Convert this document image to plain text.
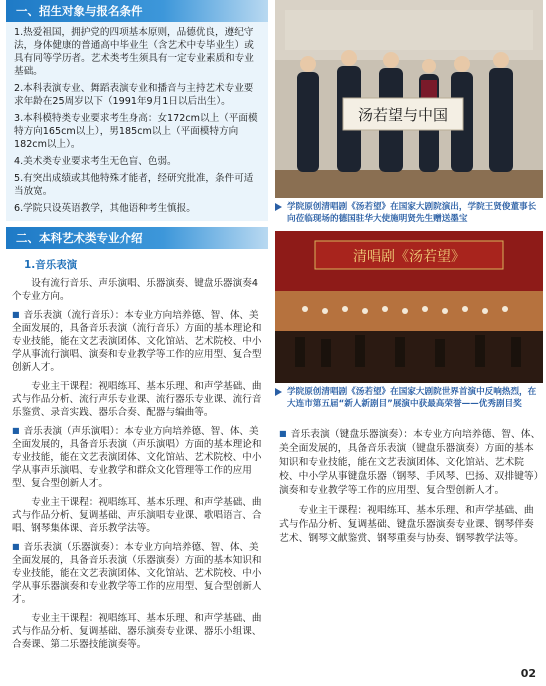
一、招生对象与报名条件

1.热爱祖国，拥护党的四项基本原则，品德优良，遵纪守法，身体健康的普通高中毕业生（含艺术中专毕业生）或具有同等学历者。艺术类考生须具有一定专业素质和专业基础。

2.本科表演专业、舞蹈表演专业和播音与主持艺术专业要求年龄在25周岁以下（1991年9月1日以后出生）。

3.本科模特类专业要求考生身高：女172cm以上（平面模特方向165cm以上），男185cm以上（平面模特方向182cm以上）。

4.美术类专业要求考生无色盲、色弱。

5.有突出成绩或其他特殊才能者，经研究批准，条件可适当放宽。

6.学院只设英语教学，其他语种考生慎报。

二、本科艺术类专业介绍
1.音乐表演

设有流行音乐、声乐演唱、乐器演奏、键盘乐器演奏4个专业方向。

■ 音乐表演（流行音乐）：本专业方向培养德、智、体、美全面发展的，具备音乐表演（流行音乐）方面的基本理论和专业技能，能在文艺表演团体、文化馆站、艺术院校、中小学从事流行演唱、演奏和专业教学等工作的应用型、复合型创新人才。

专业主干课程：视唱练耳、基本乐理、和声学基础、曲式与作品分析、流行声乐专业课、流行器乐专业课、流行音乐鉴赏、录音实践、器乐合奏、配器与编曲等。

■ 音乐表演（声乐演唱）：本专业方向培养德、智、体、美全面发展的，具备音乐表演（声乐演唱）方面的基本理论和专业技能，能在文艺表演团体、文化馆站、艺术院校、中小学从事声乐演唱、专业教学和群众文化管理等工作的应用型、复合型创新人才。

专业主干课程：视唱练耳、基本乐理、和声学基础、曲式与作品分析、复调基础、声乐演唱专业课、歌唱语言、合唱、钢琴集体课、音乐教学法等。

■ 音乐表演（乐器演奏）：本专业方向培养德、智、体、美全面发展的，具备音乐表演（乐器演奏）方面的基本知识和专业技能，能在文艺表演团体、文化馆站、艺术院校、中小学从事乐器演奏和专业教学等工作的应用型、复合型创新人才。

专业主干课程：视唱练耳、基本乐理、和声学基础、曲式与作品分析、复调基础、器乐演奏专业课、器乐小组课、合奏课、第二乐器技能演奏等。

汤若望与中国

学院原创清唱剧《汤若望》在国家大剧院演出，学院王贤俊董事长向莅临现场的德国驻华大使施明贤先生赠送墨宝

清唱剧《汤若望》

学院原创清唱剧《汤若望》在国家大剧院世界首演中反响热烈，在大连市第五届“新人新剧目”展演中获最高荣誉——优秀剧目奖

■ 音乐表演（键盘乐器演奏）：本专业方向培养德、智、体、美全面发展的，具备音乐表演（键盘乐器演奏）方面的基本知识和专业技能，能在文艺表演团体、文化馆站、艺术院校、中小学从事键盘乐器（钢琴、手风琴、巴扬、双排键等）演奏和专业教学等工作的应用型、复合型创新人才。

专业主干课程：视唱练耳、基本乐理、和声学基础、曲式与作品分析、复调基础、键盘乐器演奏专业课、钢琴伴奏艺术、钢琴文献鉴赏、钢琴重奏与协奏、钢琴教学法等。

02
